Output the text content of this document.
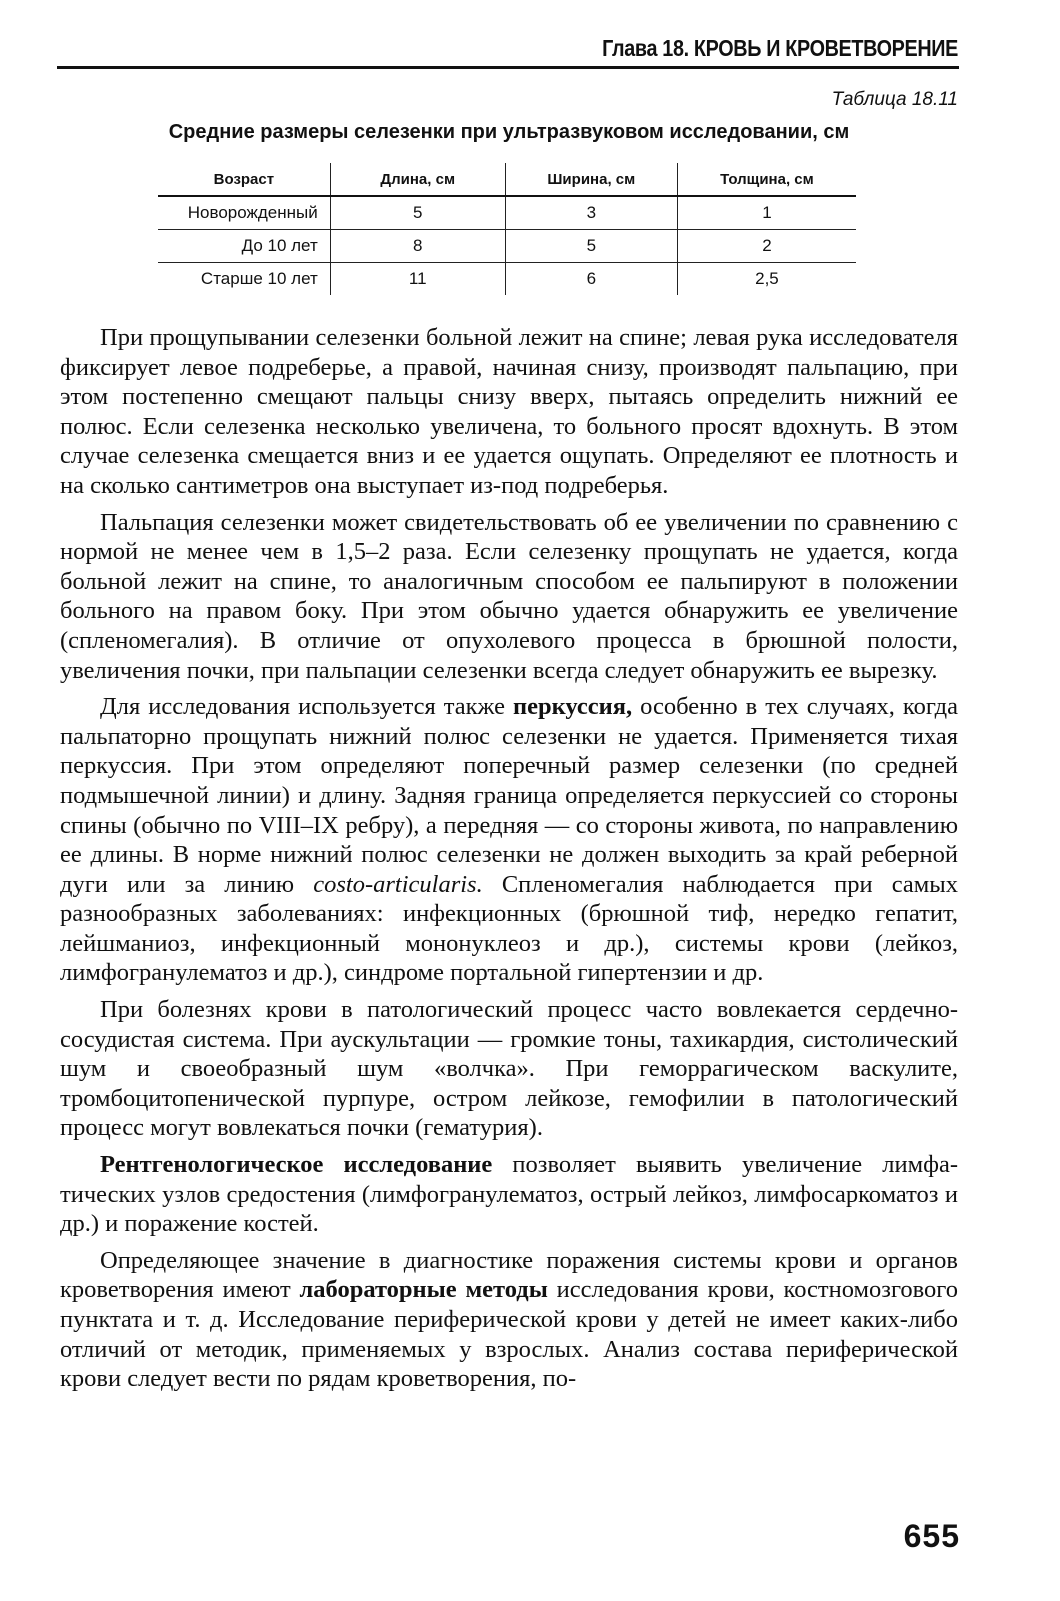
Глава 18. КРОВЬ И КРОВЕТВОРЕНИЕ
Таблица 18.11
Средние размеры селезенки при ультразвуковом исследовании, см
Возраст	Длина, см	Ширина, см	Толщина, см
Новорожденный	5	3	1
До 10 лет	8	5	2
Старше 10 лет	11	6	2,5

При прощупывании селезенки больной лежит на спине; левая рука исследователя фиксирует левое подреберье, а правой, начиная снизу, производят пальпацию, при этом постепенно смещают пальцы снизу вверх, пытаясь определить нижний ее полюс. Если селезенка несколько увеличена, то больного просят вдохнуть. В этом случае селезенка смещается вниз и ее удается ощупать. Определяют ее плотность и на сколько сантиметров она выступает из-под подреберья.

Пальпация селезенки может свидетельствовать об ее увеличении по сравнению с нормой не менее чем в 1,5–2 раза. Если селезенку прощупать не удается, когда больной лежит на спине, то аналогичным способом ее пальпируют в положении больного на правом боку. При этом обычно удается обнаружить ее увеличение (спленомегалия). В отличие от опухолевого процесса в брюшной полости, увеличения почки, при пальпации селезенки всегда следует обнаружить ее вырезку.

Для исследования используется также перкуссия, особенно в тех случаях, когда пальпаторно прощупать нижний полюс селезенки не удается. Применяется тихая перкуссия. При этом определяют поперечный размер селезенки (по средней подмышечной линии) и длину. Задняя граница определяется перкуссией со стороны спины (обычно по VIII–IX ребру), а передняя — со стороны живота, по направлению ее длины. В норме нижний полюс селезенки не должен выходить за край реберной дуги или за линию costo-articularis. Спленомегалия наблюдается при самых разнообразных заболеваниях: инфекционных (брюшной тиф, нередко гепатит, лейшманиоз, инфекционный мононуклеоз и др.), системы крови (лейкоз, лимфогранулематоз и др.), синдроме портальной гипертензии и др.

При болезнях крови в патологический процесс часто вовлекается сердечно-сосудистая система. При аускультации — громкие тоны, тахикардия, систолический шум и своеобразный шум «волчка». При геморрагическом васкулите, тромбоцитопенической пурпуре, остром лейкозе, гемофилии в патологический процесс могут вовлекаться почки (гематурия).

Рентгенологическое исследование позволяет выявить увеличение лимфатических узлов средостения (лимфогранулематоз, острый лейкоз, лимфосаркоматоз и др.) и поражение костей.

Определяющее значение в диагностике поражения системы крови и органов кроветворения имеют лабораторные методы исследования крови, костномозгового пунктата и т. д. Исследование периферической крови у детей не имеет каких-либо отличий от методик, применяемых у взрослых. Анализ состава периферической крови следует вести по рядам кроветворения, по-

655
